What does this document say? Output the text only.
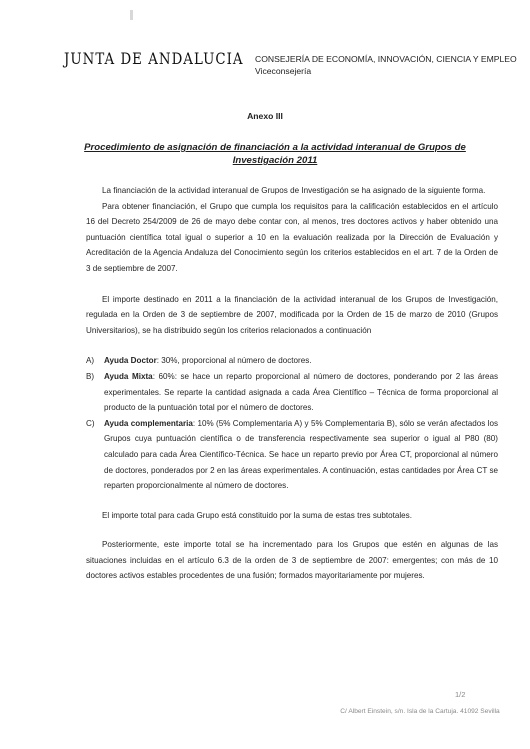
JUNTA DE ANDALUCIA CONSEJERÍA DE ECONOMÍA, INNOVACIÓN, CIENCIA Y EMPLEO
Viceconsejería
Anexo III
Procedimiento de asignación de financiación a la actividad interanual de Grupos de Investigación 2011

La financiación de la actividad interanual de Grupos de Investigación se ha asignado de la siguiente forma.

Para obtener financiación, el Grupo que cumpla los requisitos para la calificación establecidos en el artículo 16 del Decreto 254/2009 de 26 de mayo debe contar con, al menos, tres doctores activos y haber obtenido una puntuación científica total igual o superior a 10 en la evaluación realizada por la Dirección de Evaluación y Acreditación de la Agencia Andaluza del Conocimiento según los criterios establecidos en el art. 7 de la Orden de 3 de septiembre de 2007.

El importe destinado en 2011 a la financiación de la actividad interanual de los Grupos de Investigación, regulada en la Orden de 3 de septiembre de 2007, modificada por la Orden de 15 de marzo de 2010 (Grupos Universitarios), se ha distribuido según los criterios relacionados a continuación

A) Ayuda Doctor: 30%, proporcional al número de doctores.
B) Ayuda Mixta: 60%: se hace un reparto proporcional al número de doctores, ponderando por 2 las áreas experimentales. Se reparte la cantidad asignada a cada Área Científico – Técnica de forma proporcional al producto de la puntuación total por el número de doctores.
C) Ayuda complementaria: 10% (5% Complementaria A) y 5% Complementaria B), sólo se verán afectados los Grupos cuya puntuación científica o de transferencia respectivamente sea superior o igual al P80 (80) calculado para cada Área Científico-Técnica. Se hace un reparto previo por Área CT, proporcional al número de doctores, ponderados por 2 en las áreas experimentales. A continuación, estas cantidades por Área CT se reparten proporcionalmente al número de doctores.

El importe total para cada Grupo está constituido por la suma de estas tres subtotales.

Posteriormente, este importe total se ha incrementado para los Grupos que estén en algunas de las situaciones incluidas en el artículo 6.3 de la orden de 3 de septiembre de 2007: emergentes; con más de 10 doctores activos estables procedentes de una fusión; formados mayoritariamente por mujeres.

1/2
C/ Albert Einstein, s/n. Isla de la Cartuja. 41092 Sevilla
